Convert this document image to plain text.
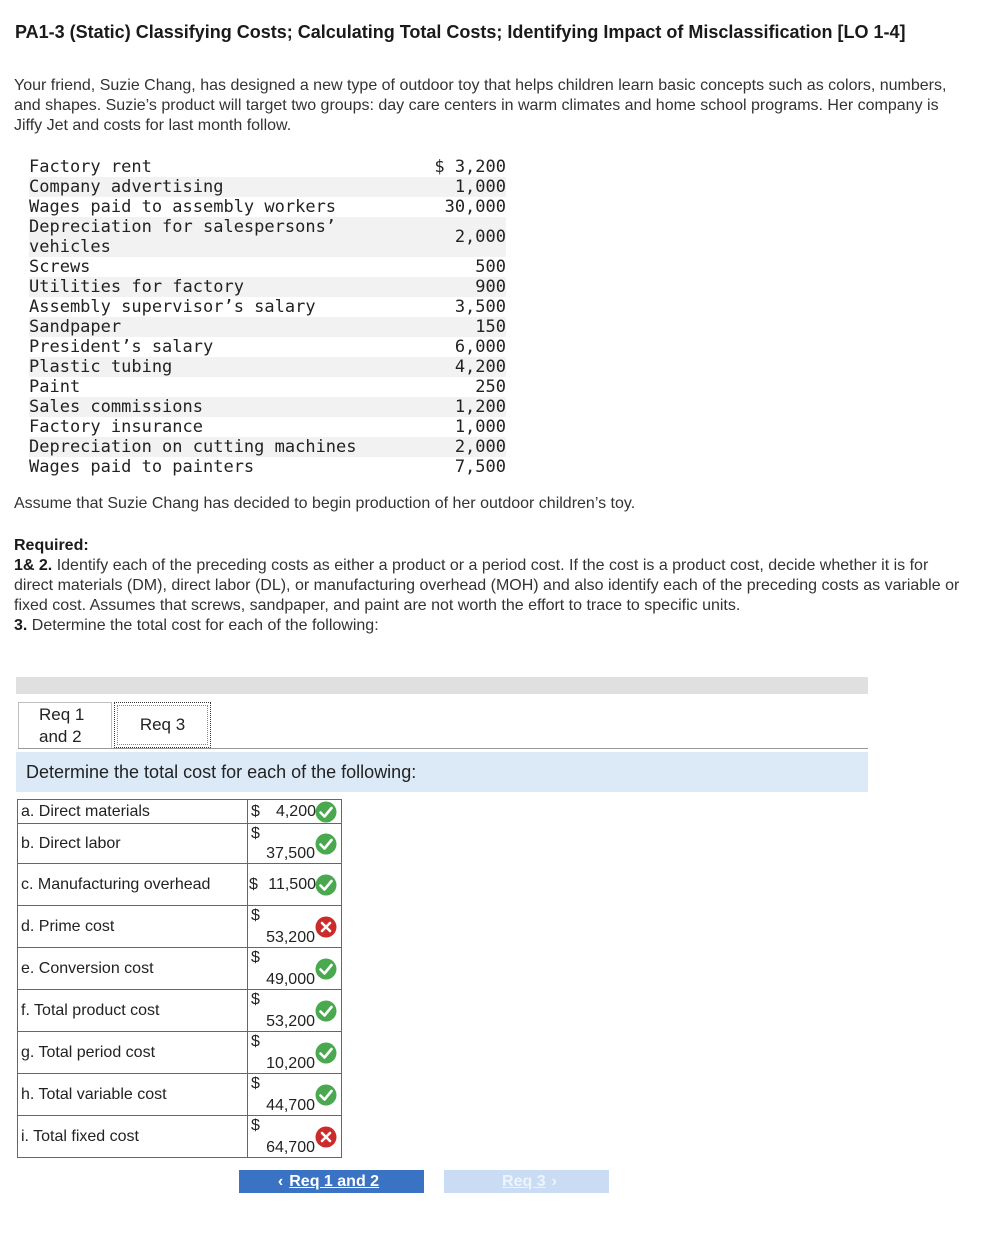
PA1-3 (Static) Classifying Costs; Calculating Total Costs; Identifying Impact of Misclassification [LO 1-4]
Your friend, Suzie Chang, has designed a new type of outdoor toy that helps children learn basic concepts such as colors, numbers, and shapes. Suzie’s product will target two groups: day care centers in warm climates and home school programs. Her company is Jiffy Jet and costs for last month follow.
Factory rent	$ 3,200
Company advertising	1,000
Wages paid to assembly workers	30,000
Depreciation for salespersons’ vehicles	2,000
Screws	500
Utilities for factory	900
Assembly supervisor’s salary	3,500
Sandpaper	150
President’s salary	6,000
Plastic tubing	4,200
Paint	250
Sales commissions	1,200
Factory insurance	1,000
Depreciation on cutting machines	2,000
Wages paid to painters	7,500
Assume that Suzie Chang has decided to begin production of her outdoor children’s toy.
Required:
1& 2. Identify each of the preceding costs as either a product or a period cost. If the cost is a product cost, decide whether it is for direct materials (DM), direct labor (DL), or manufacturing overhead (MOH) and also identify each of the preceding costs as variable or fixed cost. Assumes that screws, sandpaper, and paint are not worth the effort to trace to specific units.
3. Determine the total cost for each of the following:
Req 1 and 2
Req 3
Determine the total cost for each of the following:
a. Direct materials	$ 4,200

b. Direct labor	$
37,500

c. Manufacturing overhead	$ 11,500

d. Prime cost	$
53,200

e. Conversion cost	$
49,000

f. Total product cost	$
53,200

g. Total period cost	$
10,200

h. Total variable cost	$
44,700

i. Total fixed cost	$
64,700
‹ Req 1 and 2	Req 3 ›
